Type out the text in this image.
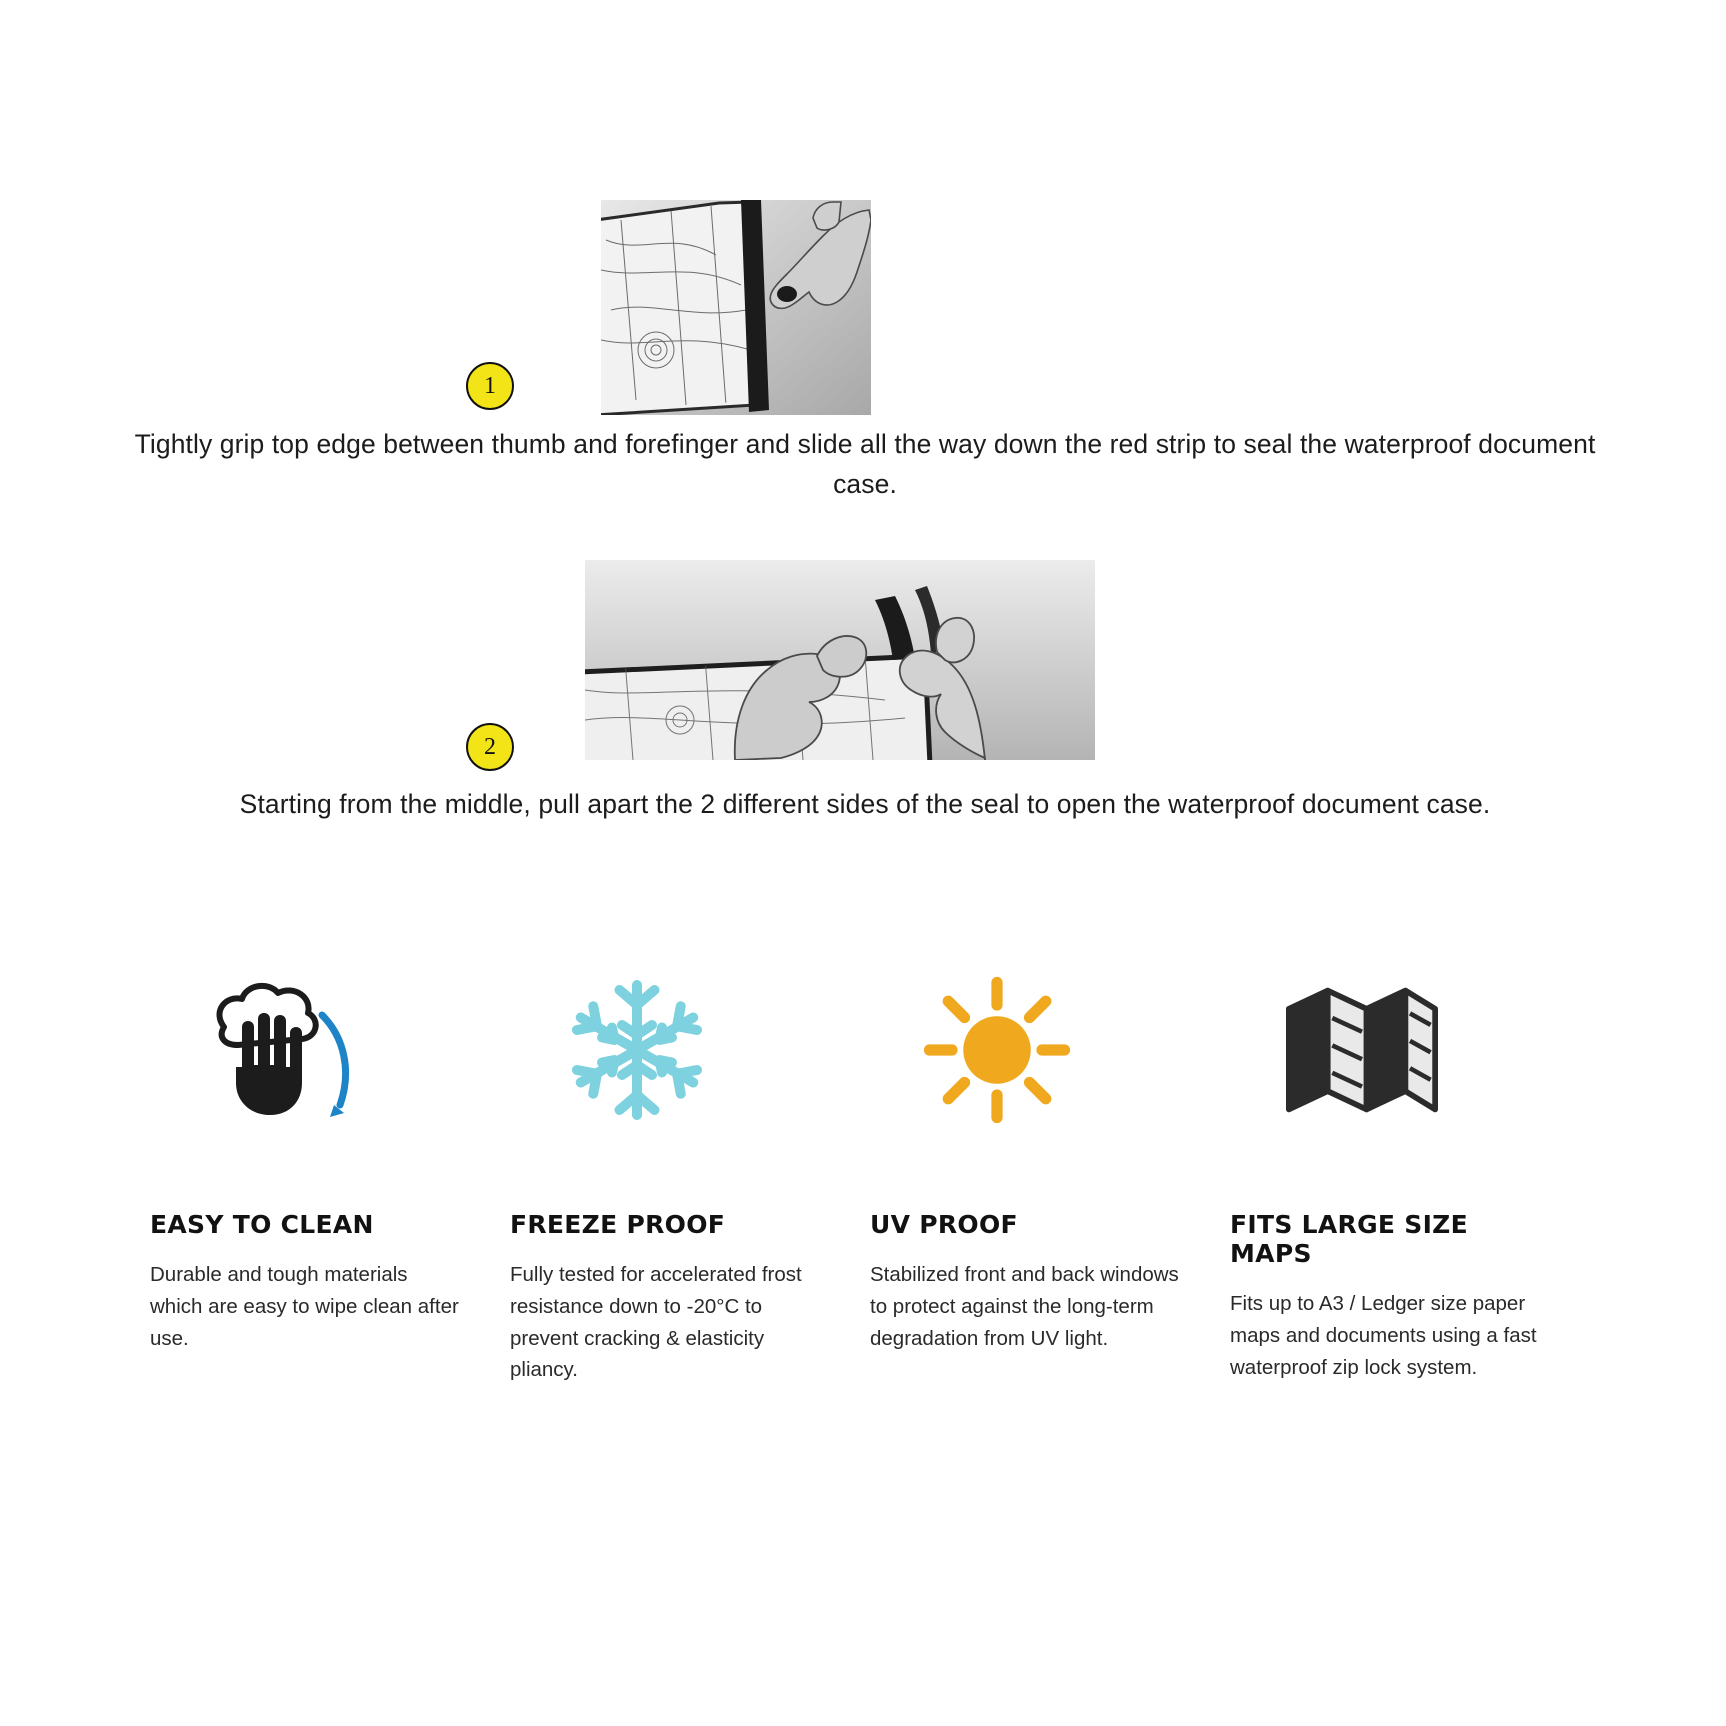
1
Tightly grip top edge between thumb and forefinger and slide all the way down the red strip to seal the waterproof document case.
2
Starting from the middle, pull apart the 2 different sides of the seal to open the waterproof document case.
EASY TO CLEAN
Durable and tough materials which are easy to wipe clean after use.
FREEZE PROOF
Fully tested for accelerated frost resistance down to -20°C to prevent cracking & elasticity pliancy.
UV PROOF
Stabilized front and back windows to protect against the long-term degradation from UV light.
FITS LARGE SIZE MAPS
Fits up to A3 / Ledger size paper maps and documents using a fast waterproof zip lock system.
